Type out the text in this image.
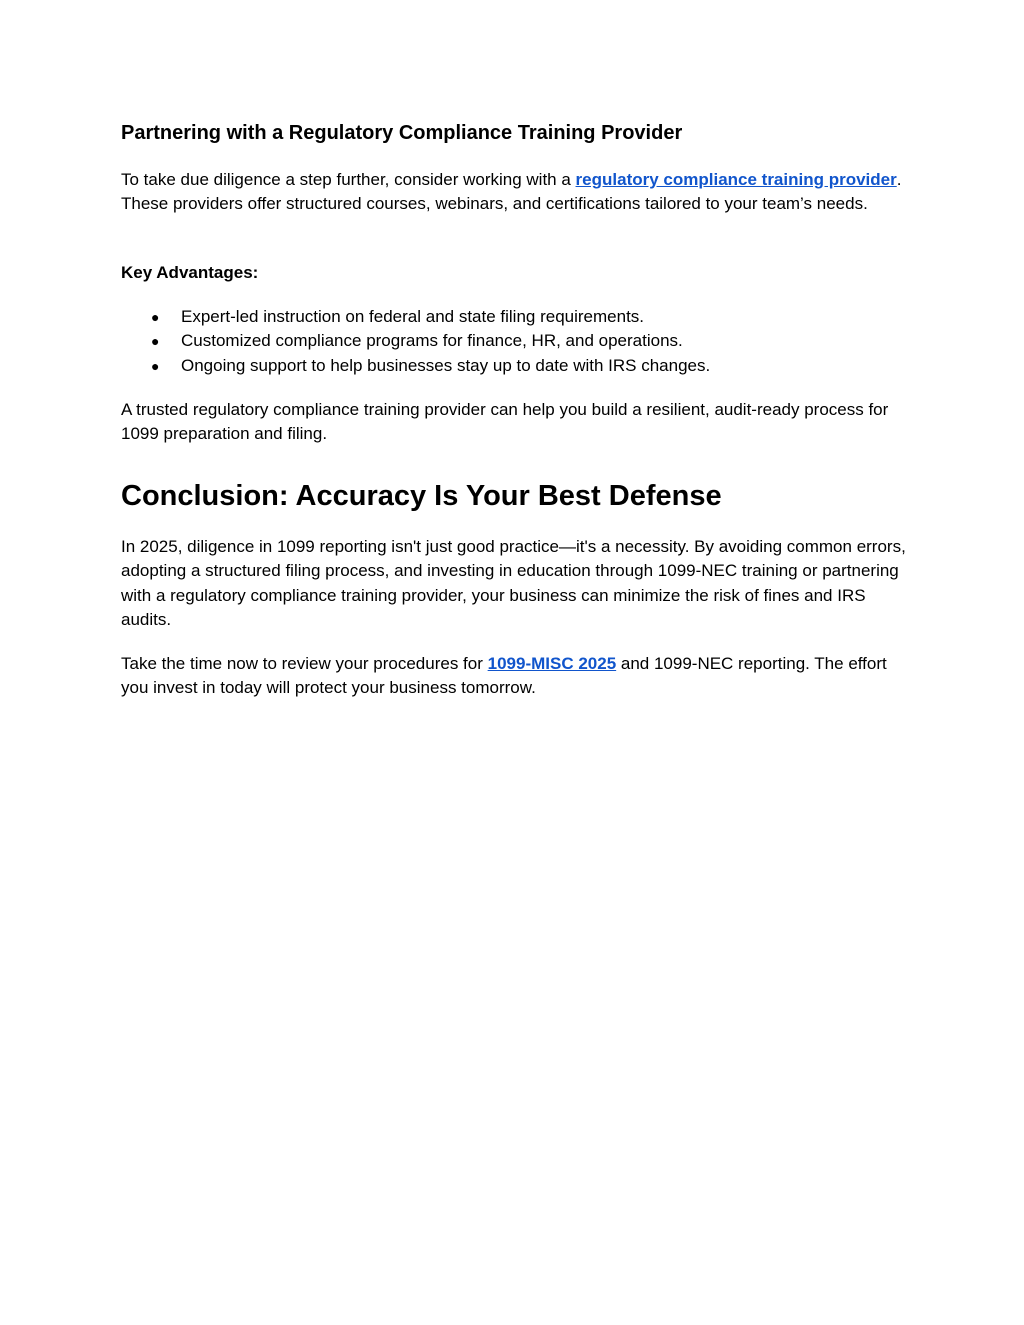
Partnering with a Regulatory Compliance Training Provider

To take due diligence a step further, consider working with a regulatory compliance training provider. These providers offer structured courses, webinars, and certifications tailored to your team’s needs.

Key Advantages:

● Expert-led instruction on federal and state filing requirements.
● Customized compliance programs for finance, HR, and operations.
● Ongoing support to help businesses stay up to date with IRS changes.

A trusted regulatory compliance training provider can help you build a resilient, audit-ready process for 1099 preparation and filing.

Conclusion: Accuracy Is Your Best Defense

In 2025, diligence in 1099 reporting isn't just good practice—it's a necessity. By avoiding common errors, adopting a structured filing process, and investing in education through 1099-NEC training or partnering with a regulatory compliance training provider, your business can minimize the risk of fines and IRS audits.

Take the time now to review your procedures for 1099-MISC 2025 and 1099-NEC reporting. The effort you invest in today will protect your business tomorrow.
